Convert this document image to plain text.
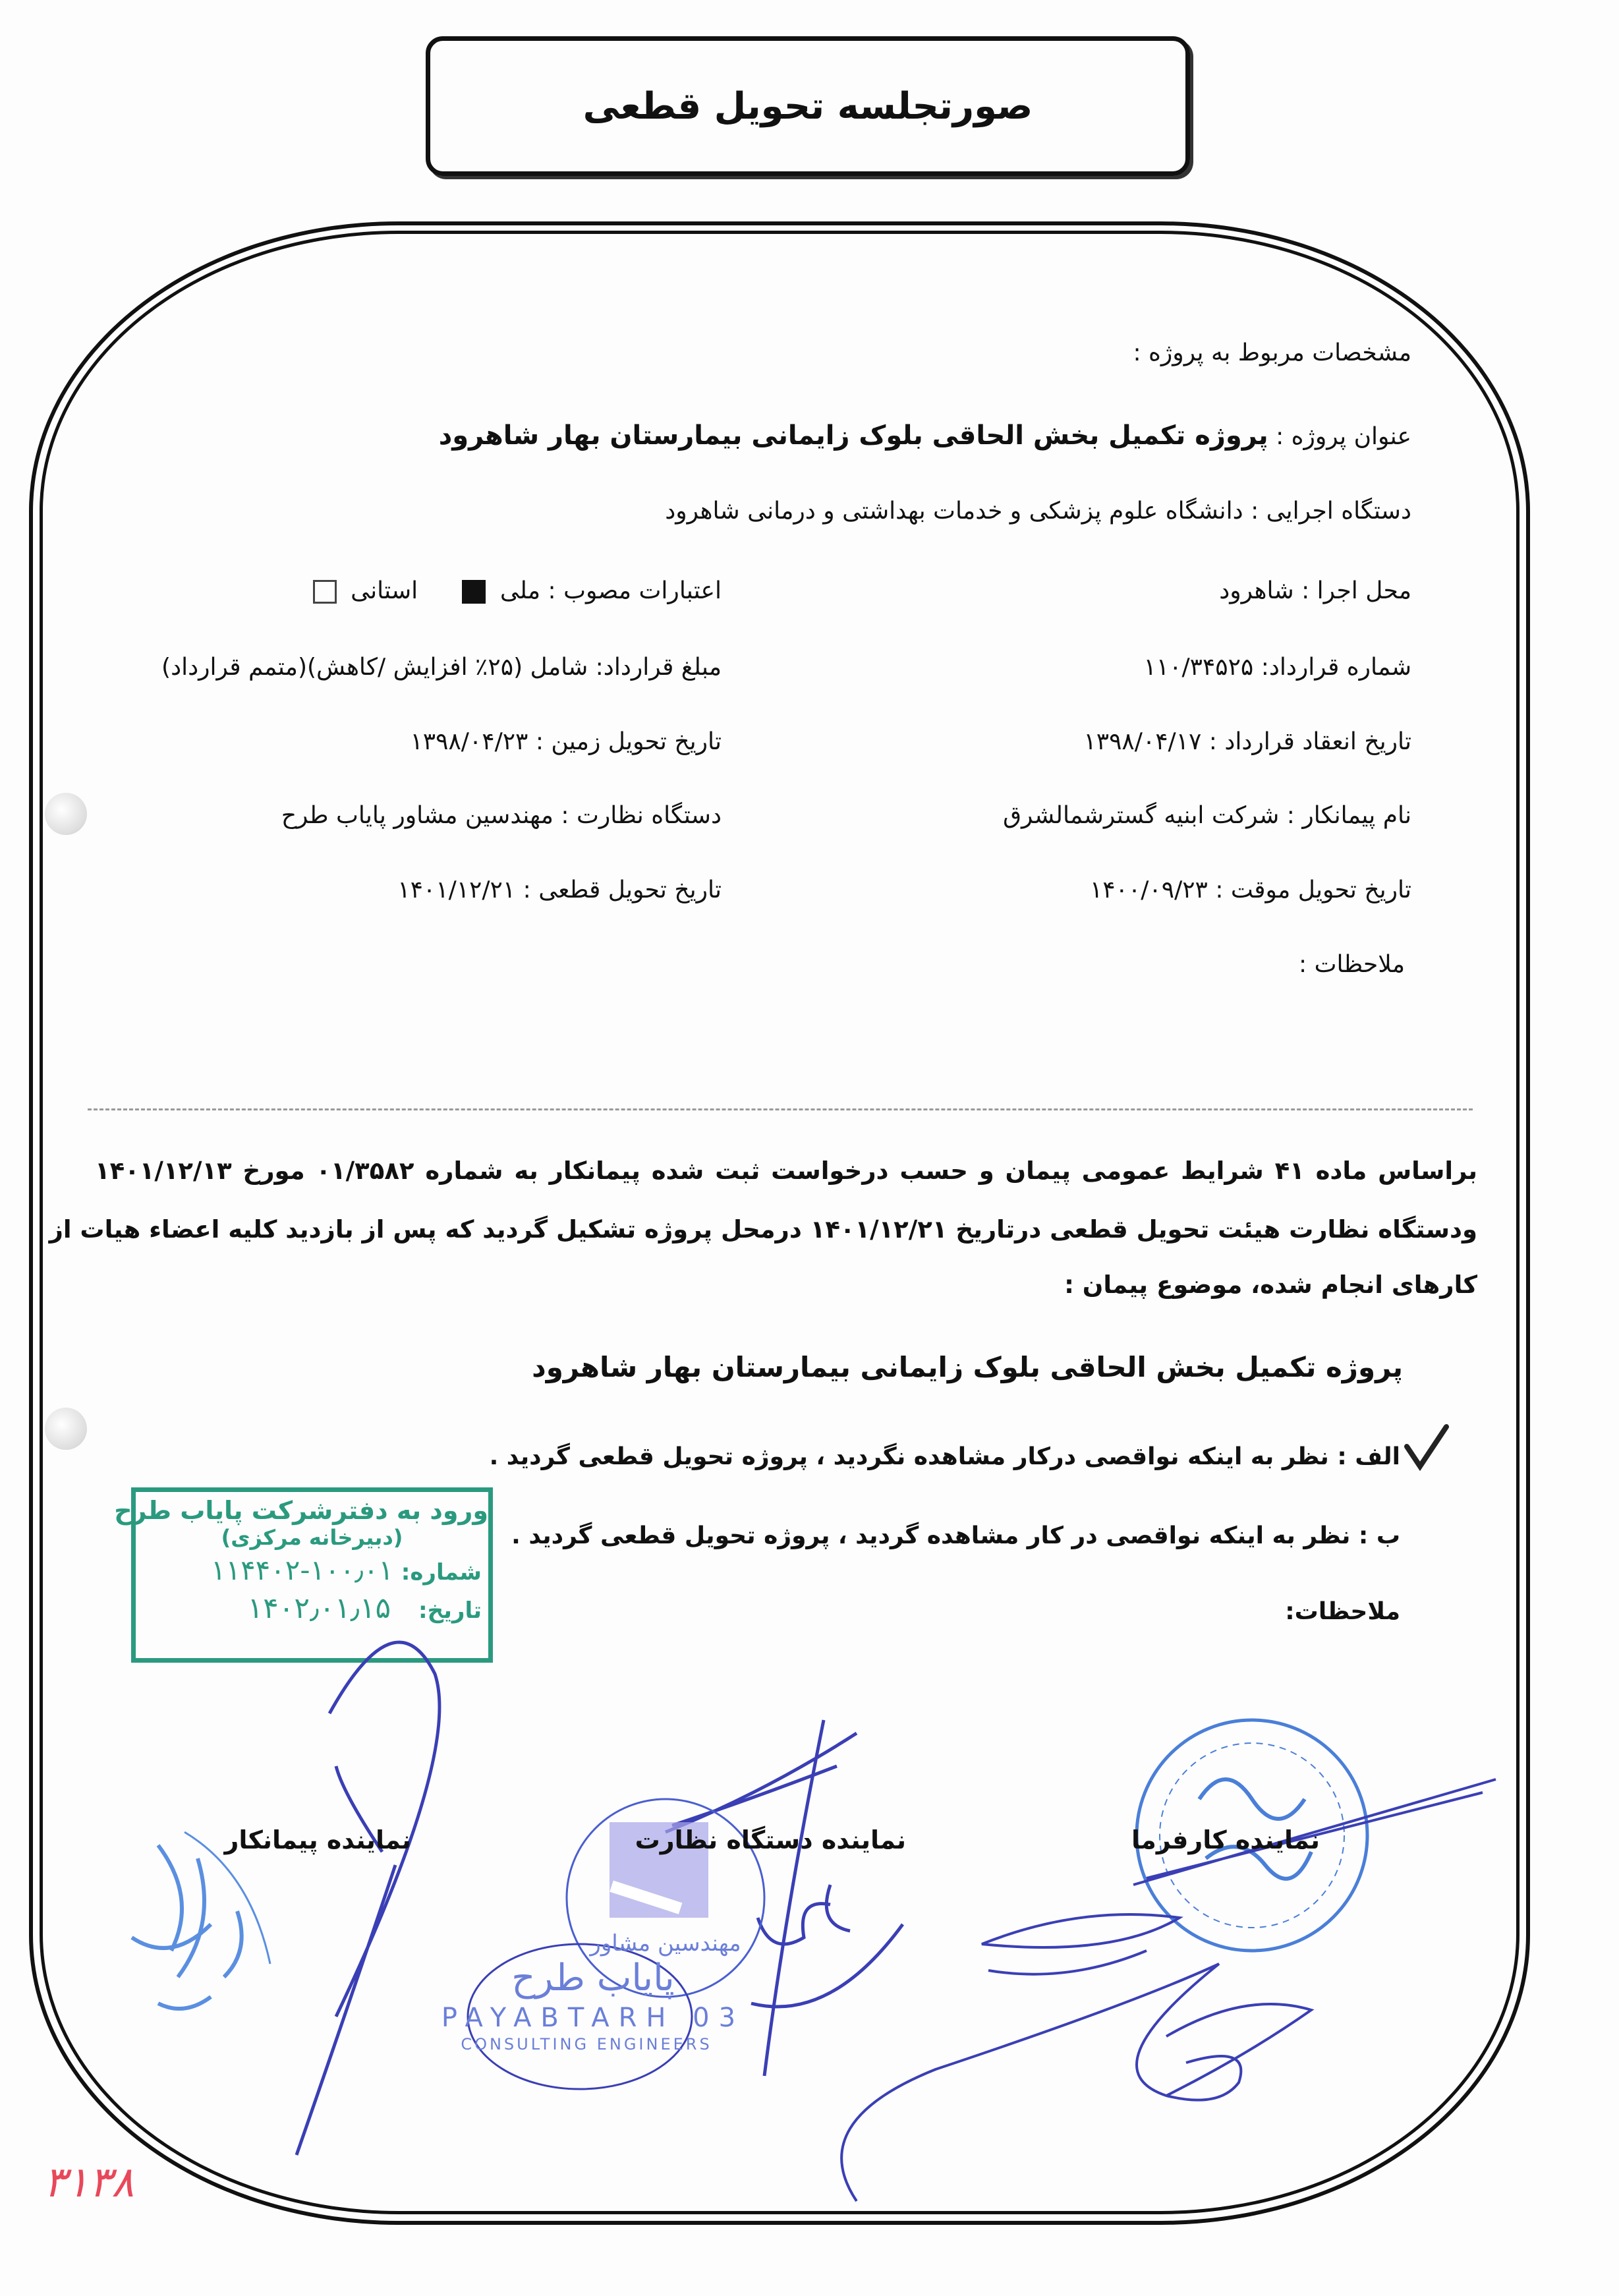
صورتجلسه تحویل قطعی
مشخصات مربوط به پروژه :
عنوان پروژه : پروژه تکمیل بخش الحاقی بلوک زایمانی بیمارستان بهار شاهرود
دستگاه اجرایی : دانشگاه علوم پزشکی و خدمات بهداشتی و درمانی شاهرود
محل اجرا : شاهرود
اعتبارات مصوب : ملی      استانی
شماره قرارداد: ۱۱۰/۳۴۵۲۵
مبلغ قرارداد: شامل (۲۵٪ افزایش /کاهش)(متمم قرارداد)
تاریخ انعقاد قرارداد : ۱۳۹۸/۰۴/۱۷
تاریخ تحویل زمین : ۱۳۹۸/۰۴/۲۳
نام پیمانکار : شرکت ابنیه گسترشمالشرق
دستگاه نظارت : مهندسین مشاور پایاب طرح
تاریخ تحویل موقت : ۱۴۰۰/۰۹/۲۳
تاریخ تحویل قطعی : ۱۴۰۱/۱۲/۲۱
ملاحظات :
براساس ماده ۴۱ شرایط عمومی پیمان و حسب درخواست ثبت شده پیمانکار به شماره ۰۱/۳۵۸۲ مورخ ۱۴۰۱/۱۲/۱۳
ودستگاه نظارت هیئت تحویل قطعی درتاریخ ۱۴۰۱/۱۲/۲۱ درمحل پروژه تشکیل گردید که پس از بازدید کلیه اعضاء هیات از
کارهای انجام شده، موضوع پیمان :
پروژه تکمیل بخش الحاقی بلوک زایمانی بیمارستان بهار شاهرود
الف : نظر به اینکه نواقصی درکار مشاهده نگردید ، پروژه تحویل قطعی گردید .
ب : نظر به اینکه نواقصی در کار مشاهده گردید ، پروژه تحویل قطعی گردید .
ملاحظات:
ورود به دفترشرکت پایاب طرح
(دبیرخانه مرکزی)
شماره: ۱۰۰٫۰۱-۱۱۴۴۰۲
تاریخ: ۱۴۰۲٫۰۱٫۱۵
مهندسین مشاور
پایاب طرح
PAYABTARH 03
CONSULTING ENGINEERS
نماینده کارفرما
نماینده دستگاه نظارت
نماینده پیمانکار
۳۱۳۸
